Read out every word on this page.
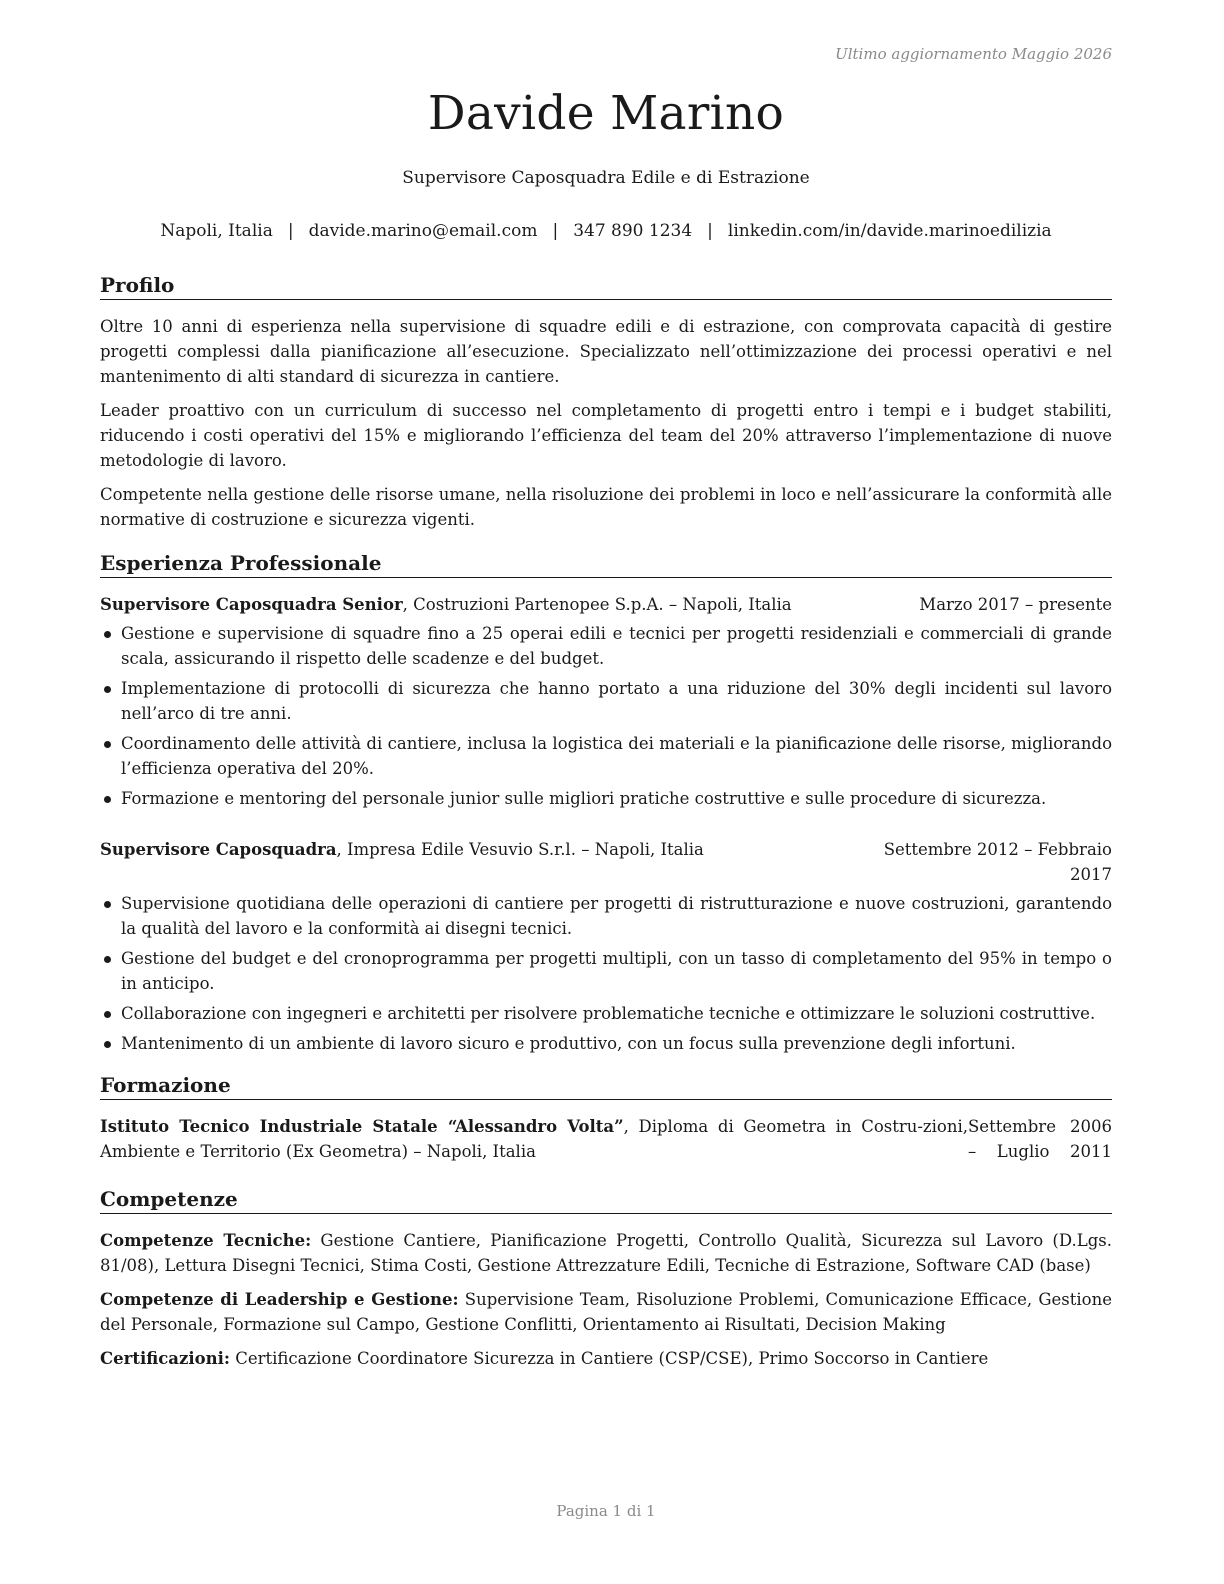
Ultimo aggiornamento Maggio 2026
Davide Marino
Supervisore Caposquadra Edile e di Estrazione
Napoli, Italia | davide.marino@email.com | 347 890 1234 | linkedin.com/in/davide.marinoedilizia
Profilo

Oltre 10 anni di esperienza nella supervisione di squadre edili e di estrazione, con comprovata capacità di gestire progetti complessi dalla pianificazione all’esecuzione. Specializzato nell’ottimizzazione dei processi operativi e nel mantenimento di alti standard di sicurezza in cantiere.

Leader proattivo con un curriculum di successo nel completamento di progetti entro i tempi e i budget stabiliti, riducendo i costi operativi del 15% e migliorando l’efficienza del team del 20% attraverso l’implementazione di nuove metodologie di lavoro.

Competente nella gestione delle risorse umane, nella risoluzione dei problemi in loco e nell’assicurare la conformità alle normative di costruzione e sicurezza vigenti.

Esperienza Professionale
Supervisore Caposquadra Senior, Costruzioni Partenopee S.p.A. – Napoli, Italia	Marzo 2017 – presente
Gestione e supervisione di squadre fino a 25 operai edili e tecnici per progetti residenziali e commerciali di grande scala, assicurando il rispetto delle scadenze e del budget.
Implementazione di protocolli di sicurezza che hanno portato a una riduzione del 30% degli incidenti sul lavoro nell’arco di tre anni.
Coordinamento delle attività di cantiere, inclusa la logistica dei materiali e la pianificazione delle risorse, migliorando l’efficienza operativa del 20%.
Formazione e mentoring del personale junior sulle migliori pratiche costruttive e sulle procedure di sicurezza.
Supervisore Caposquadra, Impresa Edile Vesuvio S.r.l. – Napoli, Italia	Settembre 2012 – Febbraio 2017
Supervisione quotidiana delle operazioni di cantiere per progetti di ristrutturazione e nuove costruzioni, garantendo la qualità del lavoro e la conformità ai disegni tecnici.
Gestione del budget e del cronoprogramma per progetti multipli, con un tasso di completamento del 95% in tempo o in anticipo.
Collaborazione con ingegneri e architetti per risolvere problematiche tecniche e ottimizzare le soluzioni costruttive.
Mantenimento di un ambiente di lavoro sicuro e produttivo, con un focus sulla prevenzione degli infortuni.
Formazione
Istituto Tecnico Industriale Statale “Alessandro Volta”, Diploma di Geometra in Costru-zioni, Ambiente e Territorio (Ex Geometra) – Napoli, Italia
Settembre 2006 – Luglio 2011
Competenze

Competenze Tecniche: Gestione Cantiere, Pianificazione Progetti, Controllo Qualità, Sicurezza sul Lavoro (D.Lgs. 81/08), Lettura Disegni Tecnici, Stima Costi, Gestione Attrezzature Edili, Tecniche di Estrazione, Software CAD (base)

Competenze di Leadership e Gestione: Supervisione Team, Risoluzione Problemi, Comunicazione Efficace, Gestione del Personale, Formazione sul Campo, Gestione Conflitti, Orientamento ai Risultati, Decision Making

Certificazioni: Certificazione Coordinatore Sicurezza in Cantiere (CSP/CSE), Primo Soccorso in Cantiere

Pagina 1 di 1
